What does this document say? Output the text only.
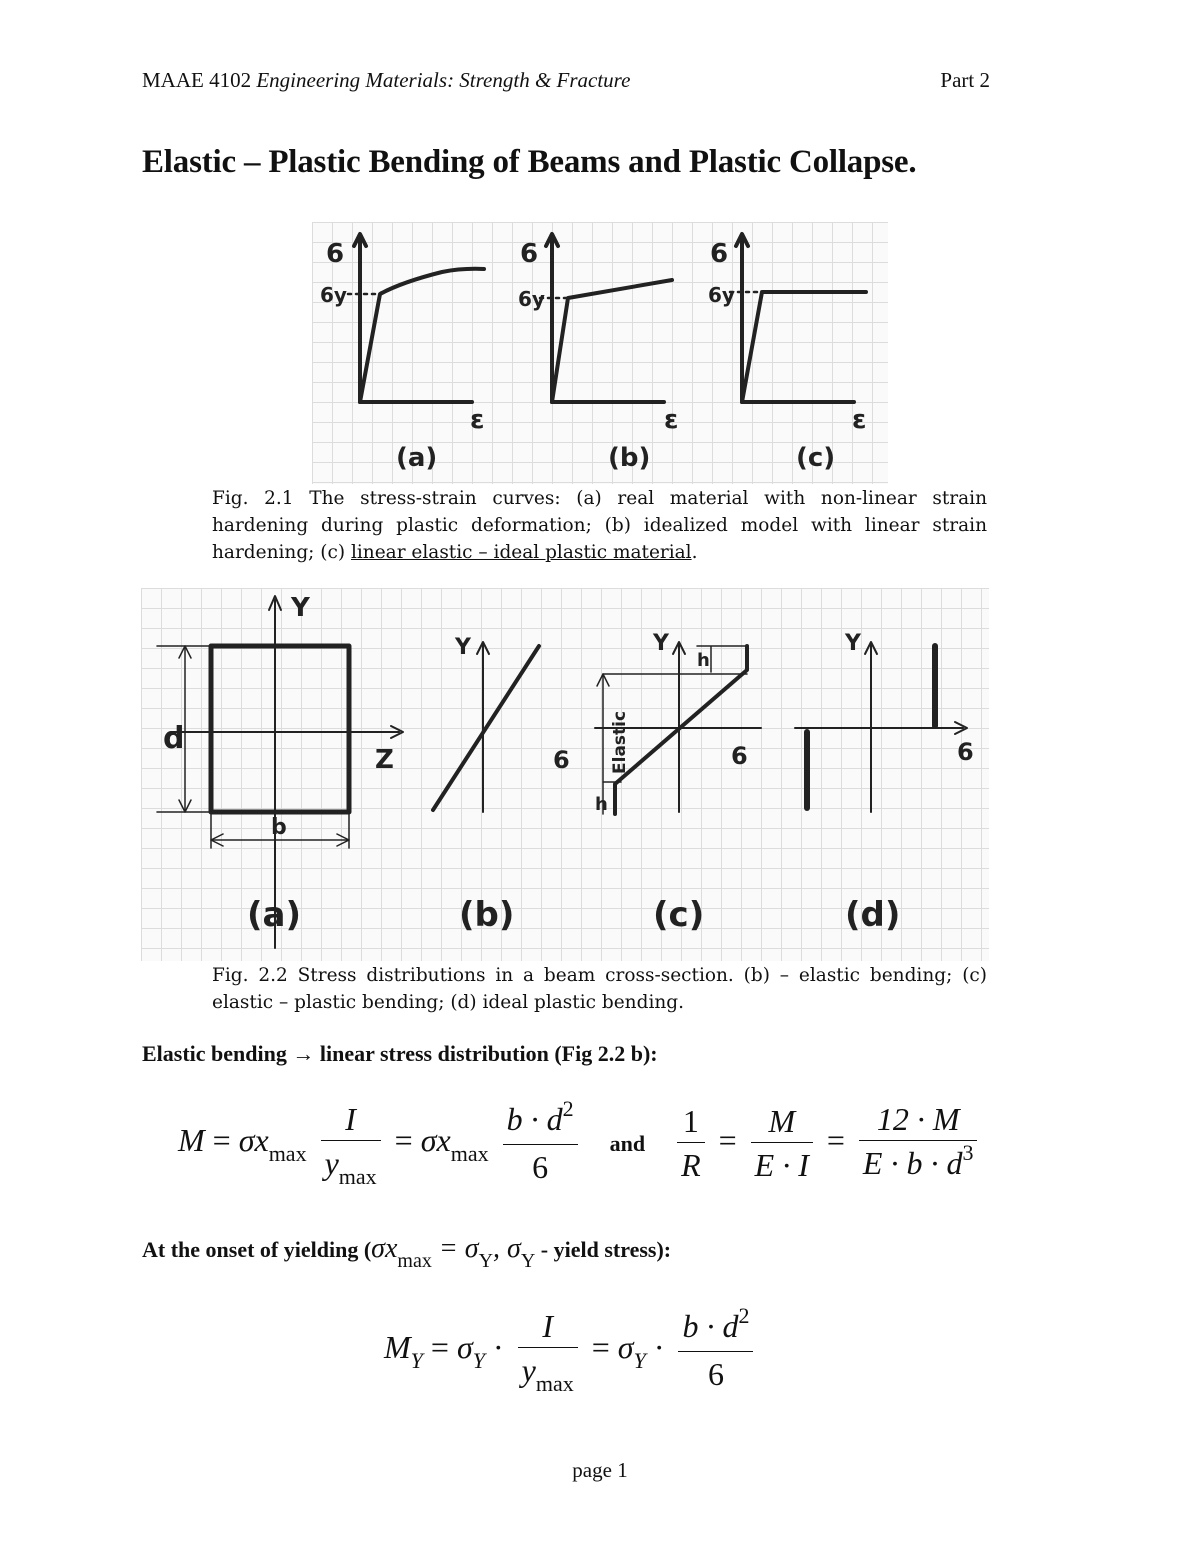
MAAE 4102 Engineering Materials: Strength & Fracture	Part 2
Elastic – Plastic Bending of Beams and Plastic Collapse.
6
6y
ε
(a)
6
6y
ε
(b)
6
6y
ε
(c)
Fig. 2.1 The stress-strain curves: (a) real material with non-linear strain hardening during plastic deformation; (b) idealized model with linear strain hardening; (c) linear elastic – ideal plastic material.
Y
Z
d
b
Y
6
Y
h
h
Elastic	6
Y
6
(a)	(b)	(c)	(d)
Fig. 2.2 Stress distributions in a beam cross-section. (b) – elastic bending; (c) elastic – plastic bending; (d) ideal plastic bending.
Elastic bending → linear stress distribution (Fig 2.2 b):
$M = \sigma x_{max} \frac{I}{y_{max}} = \sigma x_{max} \frac{b \cdot d^2}{6}$ and $\frac{1}{R} = \frac{M}{E \cdot I} = \frac{12 \cdot M}{E \cdot b \cdot d^3}$
At the onset of yielding ($\sigma x_{max} = \sigma_Y$, $\sigma_Y$ - yield stress):
$M_Y = \sigma_Y \cdot \frac{I}{y_{max}} = \sigma_Y \cdot \frac{b \cdot d^2}{6}$
page 1
